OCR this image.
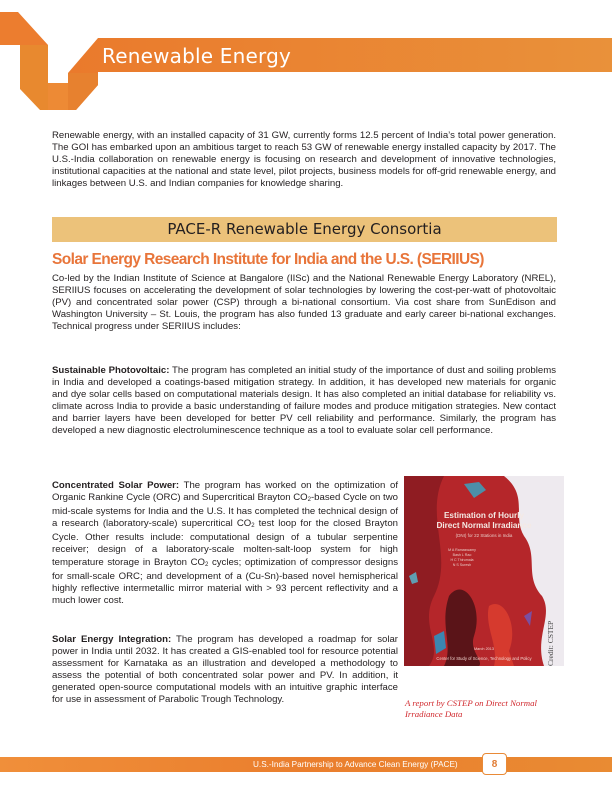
Renewable Energy
Renewable energy, with an installed capacity of 31 GW, currently forms 12.5 percent of India’s total power generation. The GOI has embarked upon an ambitious target to reach 53 GW of renewable energy installed capacity by 2017. The U.S.-India collaboration on renewable energy is focusing on research and development of innovative technologies, institutional capacities at the national and state level, pilot projects, business models for off-grid renewable energy, and linkages between U.S. and Indian companies for knowledge sharing.
PACE-R Renewable Energy Consortia
Solar Energy Research Institute for India and the U.S. (SERIIUS)
Co-led by the Indian Institute of Science at Bangalore (IISc) and the National Renewable Energy Laboratory (NREL), SERIIUS focuses on accelerating the development of solar technologies by lowering the cost-per-watt of photovoltaic (PV) and concentrated solar power (CSP) through a bi-national consortium. Via cost share from SunEdison and Washington University – St. Louis, the program has also funded 13 graduate and early career bi-national exchanges. Technical progress under SERIIUS includes:
Sustainable Photovoltaic: The program has completed an initial study of the importance of dust and soiling problems in India and developed a coatings-based mitigation strategy. In addition, it has developed new materials for organic and dye solar cells based on computational materials design. It has also completed an initial database for reliability vs. climate across India to provide a basic understanding of failure modes and produce mitigation strategies. New contact and barrier layers have been developed for better PV cell reliability and performance. Similarly, the program has developed a new diagnostic electroluminescence technique as a tool to evaluate solar cell performance.
Concentrated Solar Power: The program has worked on the optimization of Organic Rankine Cycle (ORC) and Supercritical Brayton CO2-based Cycle on two mid-scale systems for India and the U.S. It has completed the technical design of a research (laboratory-scale) supercritical CO2 test loop for the closed Brayton Cycle. Other results include: computational design of a tubular serpentine receiver; design of a laboratory-scale molten-salt-loop system for high temperature storage in Brayton CO2 cycles; optimization of compressor designs for small-scale ORC; and development of a (Cu-Sn)-based novel hemispherical highly reflective intermetallic mirror material with > 93 percent reflectivity and a much lower cost.
Solar Energy Integration: The program has developed a roadmap for solar power in India until 2032. It has created a GIS-enabled tool for resource potential assessment for Karnataka as an illustration and developed a methodology to assess the potential of both concentrated solar power and PV. In addition, it generated open-source computational models with an intuitive graphic interface for use in assessment of Parabolic Trough Technology.
Estimation of Hourly
Direct Normal Irradiance
(DNI) for 22 Stations in India
M A Ramaswamy
Bash L Rao
H C Thirumala
N S Suresh
March 2013
Center for Study of Science, Technology and Policy	Credit: CSTEP
A report by CSTEP on Direct Normal Irradiance Data
U.S.-India Partnership to Advance Clean Energy (PACE)	8
